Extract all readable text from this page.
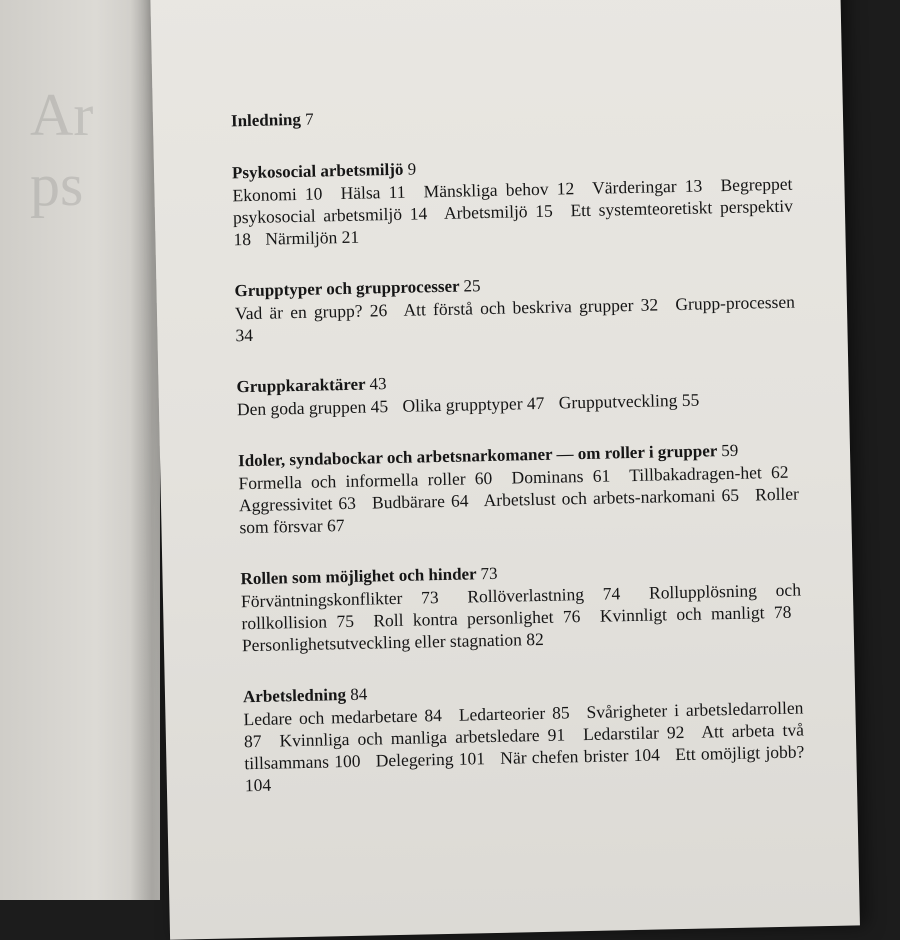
Ar
ps
Inledning 7
Psykosocial arbetsmiljö 9
Ekonomi 10 Hälsa 11 Mänskliga behov 12 Värderingar 13 Begreppet psykosocial arbetsmiljö 14 Arbetsmiljö 15 Ett systemteoretiskt perspektiv 18 Närmiljön 21
Grupptyper och grupprocesser 25
Vad är en grupp? 26 Att förstå och beskriva grupper 32 Grupp-processen 34
Gruppkaraktärer 43
Den goda gruppen 45 Olika grupptyper 47 Grupputveckling 55
Idoler, syndabockar och arbetsnarkomaner — om roller i grupper 59
Formella och informella roller 60 Dominans 61 Tillbakadragen-het 62 Aggressivitet 63 Budbärare 64 Arbetslust och arbets-narkomani 65 Roller som försvar 67
Rollen som möjlighet och hinder 73
Förväntningskonflikter 73 Rollöverlastning 74 Rollupplösning och rollkollision 75 Roll kontra personlighet 76 Kvinnligt och manligt 78 Personlighetsutveckling eller stagnation 82
Arbetsledning 84
Ledare och medarbetare 84 Ledarteorier 85 Svårigheter i arbetsledarrollen 87 Kvinnliga och manliga arbetsledare 91 Ledarstilar 92 Att arbeta två tillsammans 100 Delegering 101 När chefen brister 104 Ett omöjligt jobb? 104
